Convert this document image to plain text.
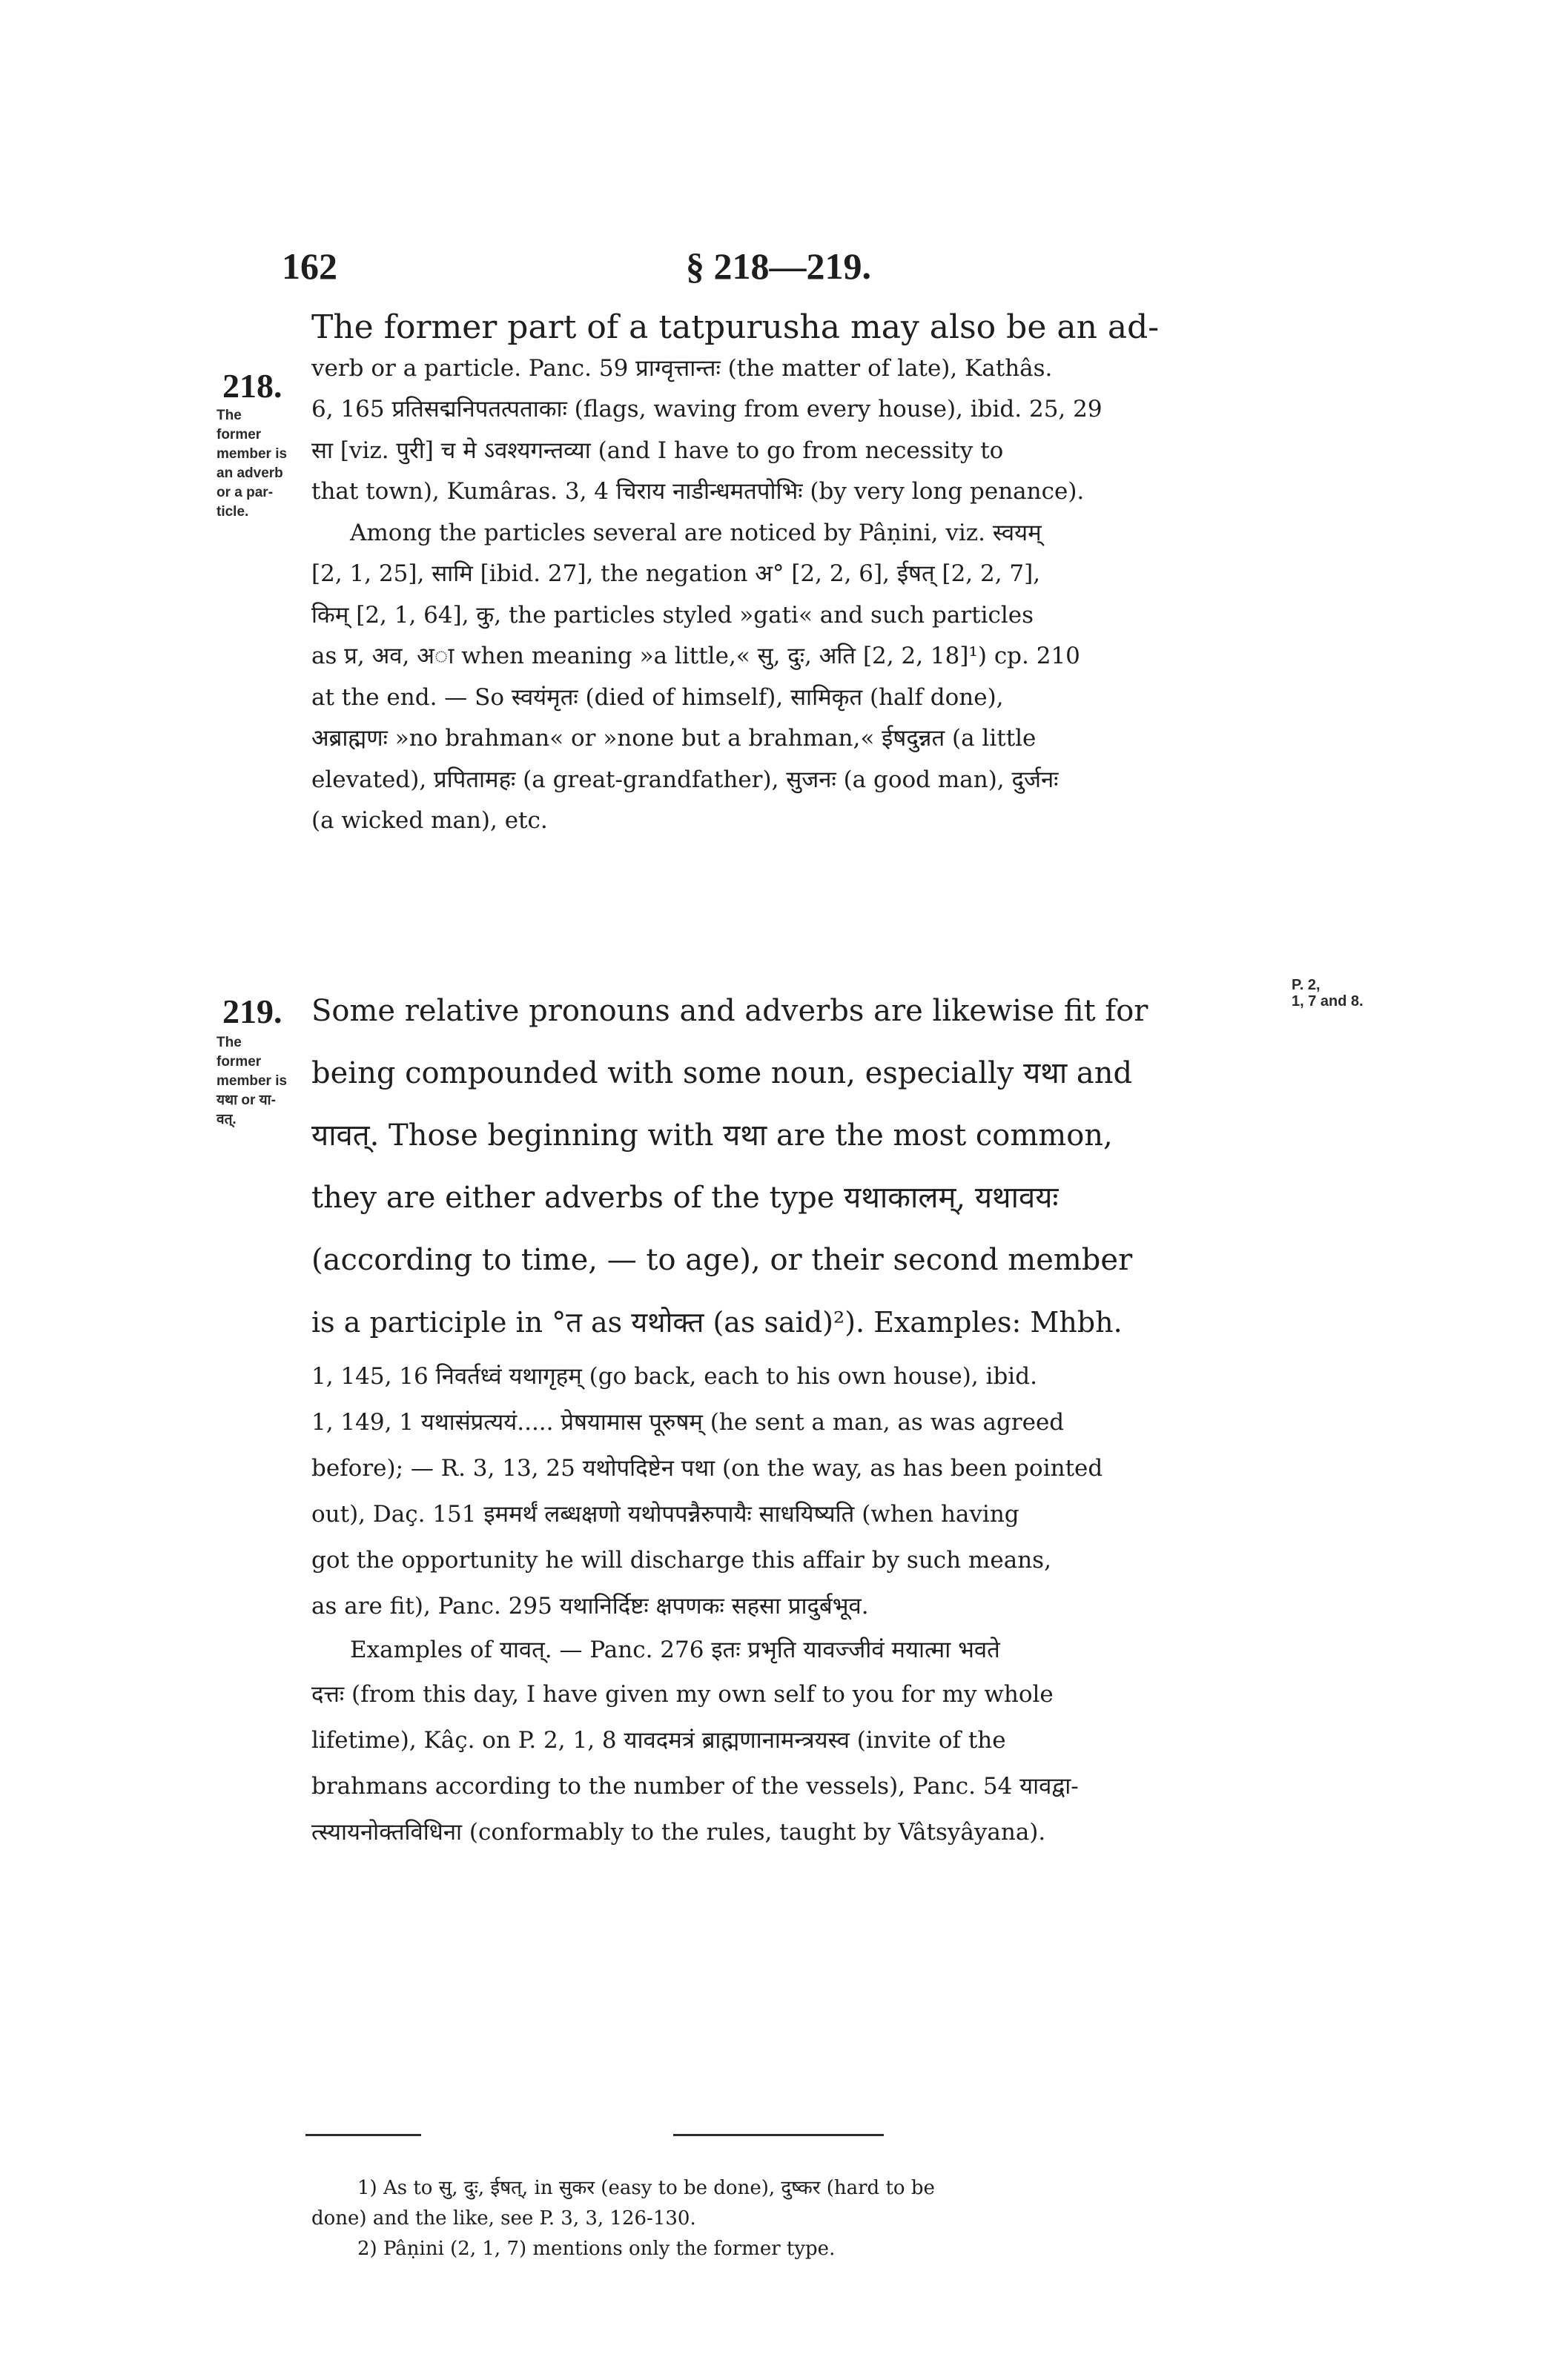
162	§ 218—219.
218.
The former
member is
an adverb
or a par-
ticle.

The former part of a tatpurusha may also be an ad-

verb or a particle. Panc. 59 प्राग्वृत्तान्तः (the matter of late), Kathâs.

6, 165 प्रतिसद्मनिपतत्पताकाः (flags, waving from every house), ibid. 25, 29

सा [viz. पुरी] च मे ऽवश्यगन्तव्या (and I have to go from necessity to

that town), Kumâras. 3, 4 चिराय नाडीन्धमतपोभिः (by very long penance).

Among the particles several are noticed by Pâṇini, viz. स्वयम्

[2, 1, 25], सामि [ibid. 27], the negation अ° [2, 2, 6], ईषत् [2, 2, 7],

किम् [2, 1, 64], कु, the particles styled »gati« and such particles

as प्र, अव, अा when meaning »a little,« सु, दुः, अति [2, 2, 18]¹) cp. 210

at the end. — So स्वयंमृतः (died of himself), सामिकृत (half done),

अब्राह्मणः »no brahman« or »none but a brahman,« ईषदुन्नत (a little

elevated), प्रपितामहः (a great-grandfather), सुजनः (a good man), दुर्जनः

(a wicked man), etc.

219.
The former
member is
यथा or या-
वत्.
P. 2,
1, 7 and 8.

Some relative pronouns and adverbs are likewise fit for

being compounded with some noun, especially यथा and

यावत्. Those beginning with यथा are the most common,

they are either adverbs of the type यथाकालम्, यथावयः

(according to time, — to age), or their second member

is a participle in °त as यथोक्त (as said)²). Examples: Mhbh.

1, 145, 16 निवर्तध्वं यथागृहम् (go back, each to his own house), ibid.
1, 149, 1 यथासंप्रत्ययं..... प्रेषयामास पूरुषम् (he sent a man, as was agreed
before); — R. 3, 13, 25 यथोपदिष्टेन पथा (on the way, as has been pointed
out), Daç. 151 इममर्थं लब्धक्षणो यथोपपन्नैरुपायैः साधयिष्यति (when having
got the opportunity he will discharge this affair by such means,
as are fit), Panc. 295 यथानिर्दिष्टः क्षपणकः सहसा प्रादुर्बभूव.
Examples of यावत्. — Panc. 276 इतः प्रभृति यावज्जीवं मयात्मा भवते
दत्तः (from this day, I have given my own self to you for my whole
lifetime), Kâç. on P. 2, 1, 8 यावदमत्रं ब्राह्मणानामन्त्रयस्व (invite of the
brahmans according to the number of the vessels), Panc. 54 यावद्वा-
त्स्यायनोक्तविधिना (conformably to the rules, taught by Vâtsyâyana).

1) As to सु, दुः, ईषत्, in सुकर (easy to be done), दुष्कर (hard to be

done) and the like, see P. 3, 3, 126-130.

2) Pâṇini (2, 1, 7) mentions only the former type.
